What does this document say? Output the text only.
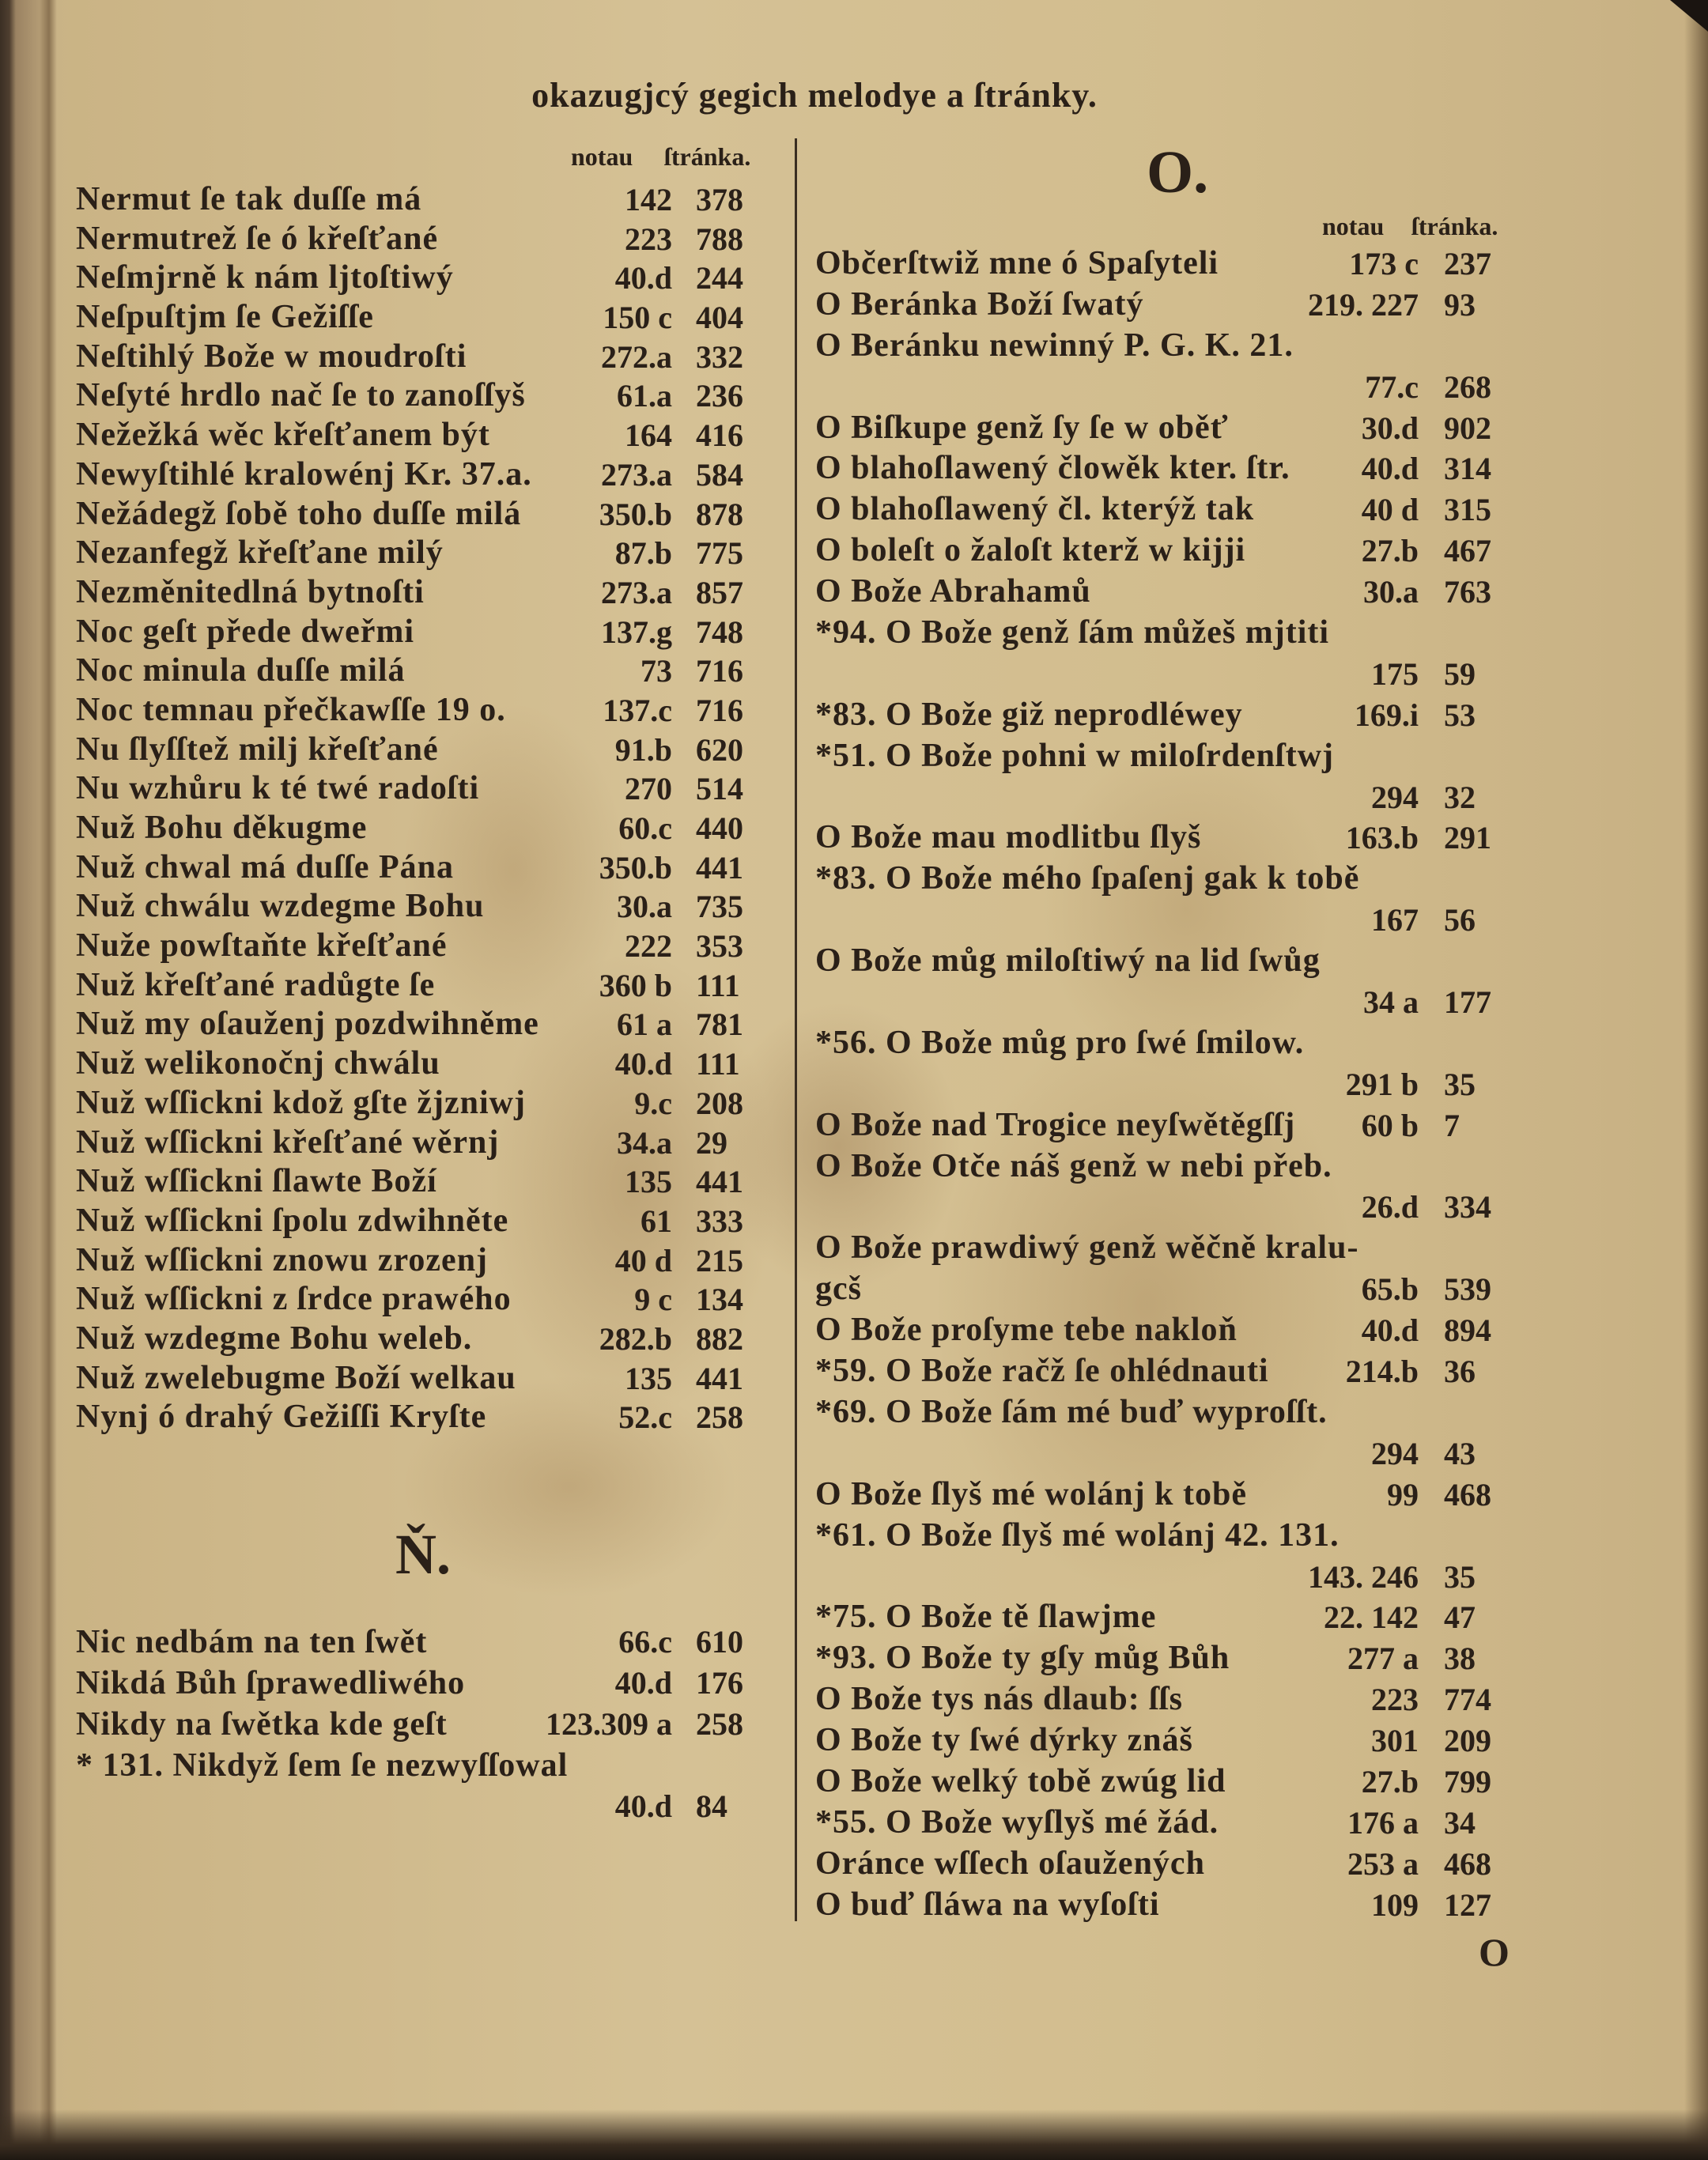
okazugjcý gegich melodye a ſtránky.
notau ſtránka.
Nermut ſe tak duſſe má	142 378
Nermutrež ſe ó křeſťané	223 788
Neſmjrně k nám ljtoſtiwý	40.d 244
Neſpuſtjm ſe Gežiſſe	150 c 404
Neſtihlý Bože w moudroſti	272.a 332
Neſyté hrdlo nač ſe to zanoſſyš	61.a 236
Nežežká wěc křeſťanem být	164 416
Newyſtihlé kralowénj Kr. 37.a. 273.a 584
Nežádegž ſobě toho duſſe milá 350.b 878
Nezanfegž křeſťane milý	87.b 775
Nezměnitedlná bytnoſti	273.a 857
Noc geſt přede dweřmi	137.g 748
Noc minula duſſe milá	73 716
Noc temnau přečkawſſe 19 o.	137.c 716
Nu ſlyſſtež milj křeſťané	91.b 620
Nu wzhůru k té twé radoſti	270 514
Nuž Bohu děkugme	60.c 440
Nuž chwal má duſſe Pána	350.b 441
Nuž chwálu wzdegme Bohu	30.a 735
Nuže powſtaňte křeſťané	222 353
Nuž křeſťané radůgte ſe	360 b 111
Nuž my oſauženj pozdwihněme 61 a 781
Nuž welikonočnj chwálu	40.d 111
Nuž wſſickni kdož gſte žjzniwj	9.c 208
Nuž wſſickni křeſťané wěrnj	34.a 29
Nuž wſſickni ſlawte Boží	135 441
Nuž wſſickni ſpolu zdwihněte	61 333
Nuž wſſickni znowu zrozenj	40 d 215
Nuž wſſickni z ſrdce prawého	9 c 134
Nuž wzdegme Bohu weleb.	282.b 882
Nuž zwelebugme Boží welkau	135 441
Nynj ó drahý Gežiſſi Kryſte	52.c 258
Ň.
Nic nedbám na ten ſwět	66.c 610
Nikdá Bůh ſprawedliwého	40.d 176
Nikdy na ſwětka kde geſt	123.309 a 258
* 131. Nikdyž ſem ſe nezwyſſowal
40.d 84
O.
notau ſtránka.
Občerſtwiž mne ó Spaſyteli	173 c 237
O Beránka Boží ſwatý	219. 227 93
O Beránku newinný P. G. K. 21.
77.c 268
O Biſkupe genž ſy ſe w oběť	30.d 902
O blahoſlawený člowěk kter. ſtr. 40.d 314
O blahoſlawený čl. kterýž tak	40 d 315
O boleſt o žaloſt kterž w kijji	27.b 467
O Bože Abrahamů	30.a 763
*94. O Bože genž ſám můžeš mjtiti
175 59
*83. O Bože giž neprodléwey	169.i 53
*51. O Bože pohni w miloſrdenſtwj
294 32
O Bože mau modlitbu ſlyš	163.b 291
*83. O Bože mého ſpaſenj gak k tobě
167 56
O Bože můg miloſtiwý na lid ſwůg
34 a 177
*56. O Bože můg pro ſwé ſmilow.
291 b 35
O Bože nad Trogice neyſwětěgſſj 60 b 7
O Bože Otče náš genž w nebi přeb.
26.d 334
O Bože prawdiwý genž wěčně kralu-
gcš	65.b 539
O Bože proſyme tebe nakloň	40.d 894
*59. O Bože račž ſe ohlédnauti 214.b 36
*69. O Bože ſám mé buď wyproſſt.
294 43
O Bože ſlyš mé wolánj k tobě	99 468
*61. O Bože ſlyš mé wolánj 42. 131.
143. 246 35
*75. O Bože tě ſlawjme	22. 142 47
*93. O Bože ty gſy můg Bůh	277 a 38
O Bože tys nás dlaub: ſſs	223 774
O Bože ty ſwé dýrky znáš	301 209
O Bože welký tobě zwúg lid	27.b 799
*55. O Bože wyſlyš mé žád.	176 a 34
Oránce wſſech oſaužených	253 a 468
O buď ſláwa na wyſoſti	109 127
O
